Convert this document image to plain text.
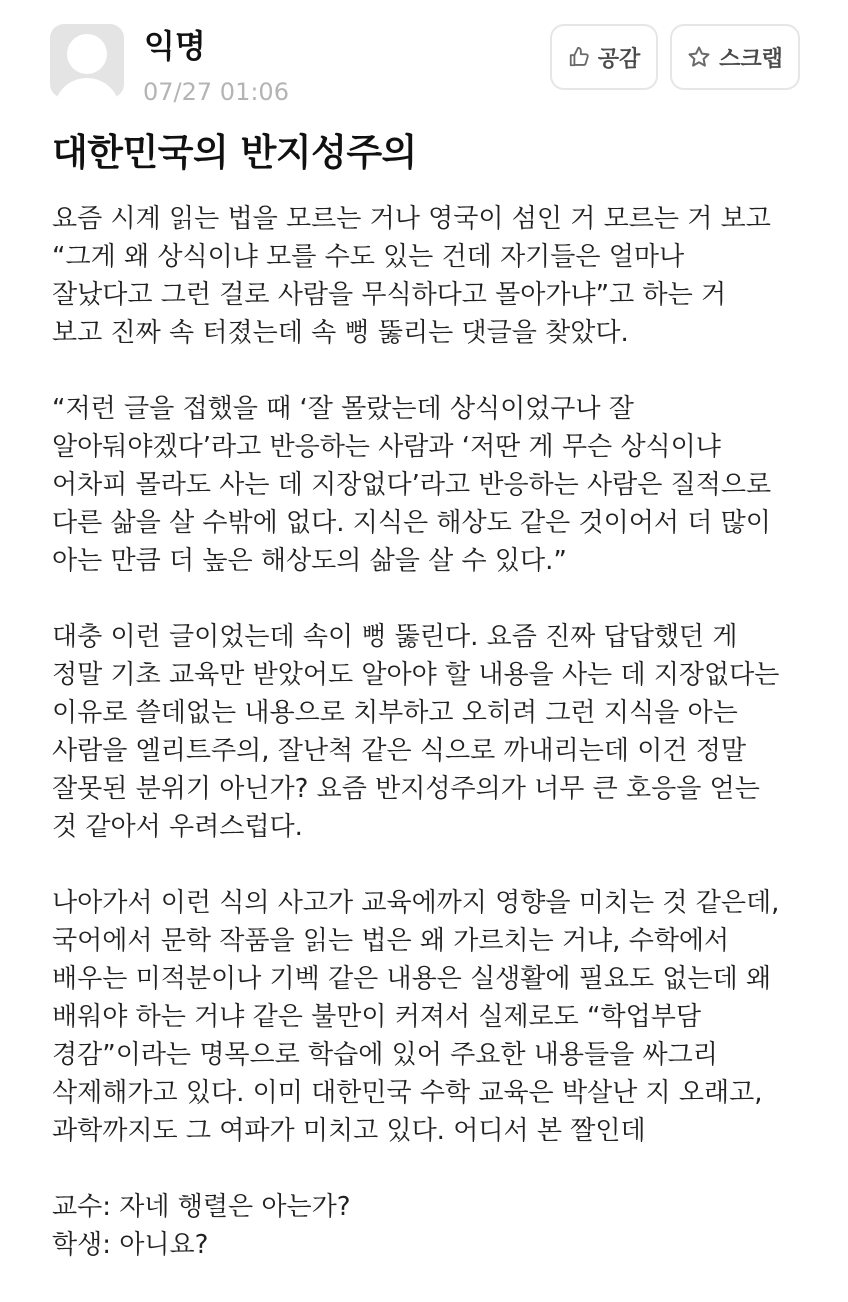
익명
07/27 01:06
공감	스크랩
대한민국의 반지성주의
요즘 시계 읽는 법을 모르는 거나 영국이 섬인 거 모르는 거 보고
“그게 왜 상식이냐 모를 수도 있는 건데 자기들은 얼마나
잘났다고 그런 걸로 사람을 무식하다고 몰아가냐”고 하는 거
보고 진짜 속 터졌는데 속 뻥 뚫리는 댓글을 찾았다.
“저런 글을 접했을 때 ‘잘 몰랐는데 상식이었구나 잘
알아둬야겠다’라고 반응하는 사람과 ‘저딴 게 무슨 상식이냐
어차피 몰라도 사는 데 지장없다’라고 반응하는 사람은 질적으로
다른 삶을 살 수밖에 없다. 지식은 해상도 같은 것이어서 더 많이
아는 만큼 더 높은 해상도의 삶을 살 수 있다.”
대충 이런 글이었는데 속이 뻥 뚫린다. 요즘 진짜 답답했던 게
정말 기초 교육만 받았어도 알아야 할 내용을 사는 데 지장없다는
이유로 쓸데없는 내용으로 치부하고 오히려 그런 지식을 아는
사람을 엘리트주의, 잘난척 같은 식으로 까내리는데 이건 정말
잘못된 분위기 아닌가? 요즘 반지성주의가 너무 큰 호응을 얻는
것 같아서 우려스럽다.
나아가서 이런 식의 사고가 교육에까지 영향을 미치는 것 같은데,
국어에서 문학 작품을 읽는 법은 왜 가르치는 거냐, 수학에서
배우는 미적분이나 기벡 같은 내용은 실생활에 필요도 없는데 왜
배워야 하는 거냐 같은 불만이 커져서 실제로도 “학업부담
경감”이라는 명목으로 학습에 있어 주요한 내용들을 싸그리
삭제해가고 있다. 이미 대한민국 수학 교육은 박살난 지 오래고,
과학까지도 그 여파가 미치고 있다. 어디서 본 짤인데
교수: 자네 행렬은 아는가?
학생: 아니요?
